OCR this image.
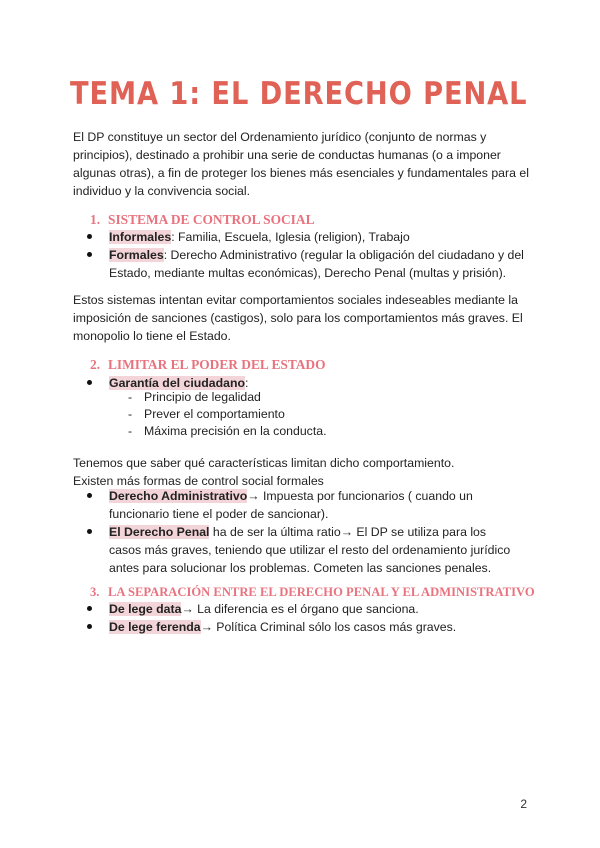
TEMA 1: EL DERECHO PENAL

El DP constituye un sector del Ordenamiento jurídico (conjunto de normas y principios), destinado a prohibir una serie de conductas humanas (o a imponer algunas otras), a fin de proteger los bienes más esenciales y fundamentales para el individuo y la convivencia social.

1. SISTEMA DE CONTROL SOCIAL
Informales: Familia, Escuela, Iglesia (religion), Trabajo
Formales: Derecho Administrativo (regular la obligación del ciudadano y del Estado, mediante multas económicas), Derecho Penal (multas y prisión).

Estos sistemas intentan evitar comportamientos sociales indeseables mediante la imposición de sanciones (castigos), solo para los comportamientos más graves. El monopolio lo tiene el Estado.

2. LIMITAR EL PODER DEL ESTADO
Garantía del ciudadano:
- Principio de legalidad
- Prever el comportamiento
- Máxima precisión en la conducta.

Tenemos que saber qué características limitan dicho comportamiento.
Existen más formas de control social formales

Derecho Administrativo→ Impuesta por funcionarios ( cuando un funcionario tiene el poder de sancionar).
El Derecho Penal ha de ser la última ratio→ El DP se utiliza para los casos más graves, teniendo que utilizar el resto del ordenamiento jurídico antes para solucionar los problemas. Cometen las sanciones penales.
3. LA SEPARACIÓN ENTRE EL DERECHO PENAL Y EL ADMINISTRATIVO
De lege data→ La diferencia es el órgano que sanciona.
De lege ferenda→ Política Criminal sólo los casos más graves.
2
